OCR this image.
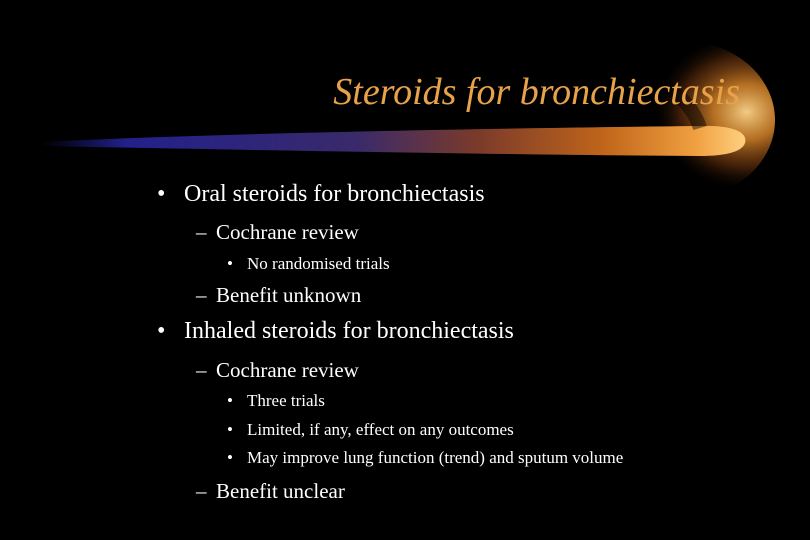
Steroids for bronchiectasis
• Oral steroids for bronchiectasis
– Cochrane review
• No randomised trials
– Benefit unknown
• Inhaled steroids for bronchiectasis
– Cochrane review
• Three trials
• Limited, if any, effect on any outcomes
• May improve lung function (trend) and sputum volume
– Benefit unclear
